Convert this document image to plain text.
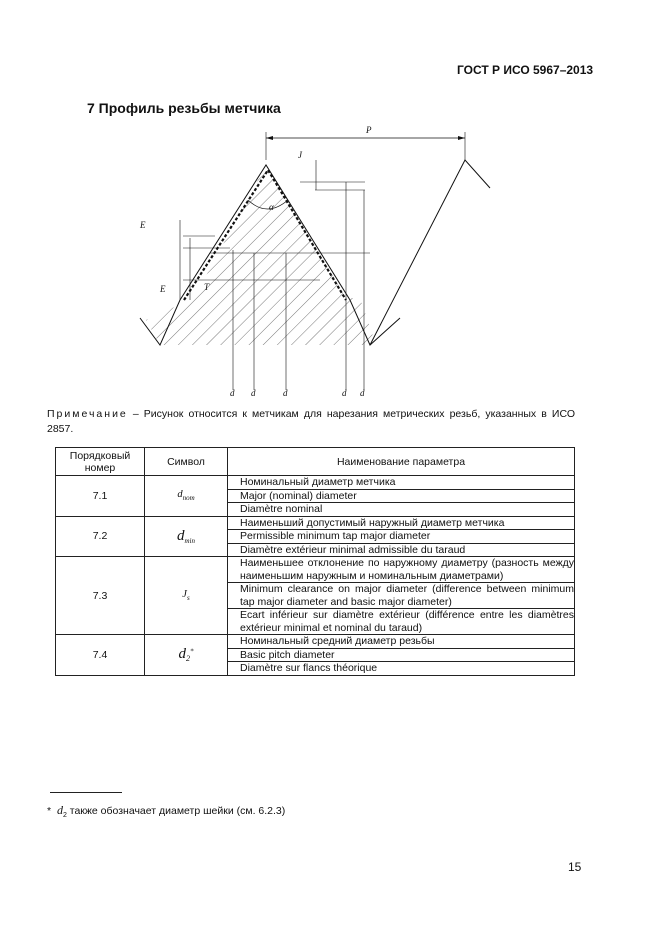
ГОСТ Р ИСО 5967–2013
7 Профиль резьбы метчика
P
α
J
E
E	T
d d	d	d d
Примечание – Рисунок относится к метчикам для нарезания метрических резьб, указанных в ИСО 2857.
Порядковый номер	Символ	Наименование параметра
7.1	$d_{nom}$	Номинальный диаметр метчика
		Major (nominal) diameter
		Diamètre nominal
7.2	$d_{min}$	Наименьший допустимый наружный диаметр метчика
		Permissible minimum tap major diameter
		Diamètre extérieur minimal admissible du taraud
7.3	$J_s$	Наименьшее отклонение по наружному диаметру (разность между наименьшим наружным и номинальным диаметрами)
		Minimum clearance on major diameter (difference between minimum tap major diameter and basic major diameter)
		Ecart inférieur sur diamètre extérieur (différence entre les diamètres extérieur minimal et nominal du taraud)
7.4	$d_2^*$	Номинальный средний диаметр резьбы
		Basic pitch diameter
		Diamètre sur flancs théorique
* $d_2$ также обозначает диаметр шейки (см. 6.2.3)
15
